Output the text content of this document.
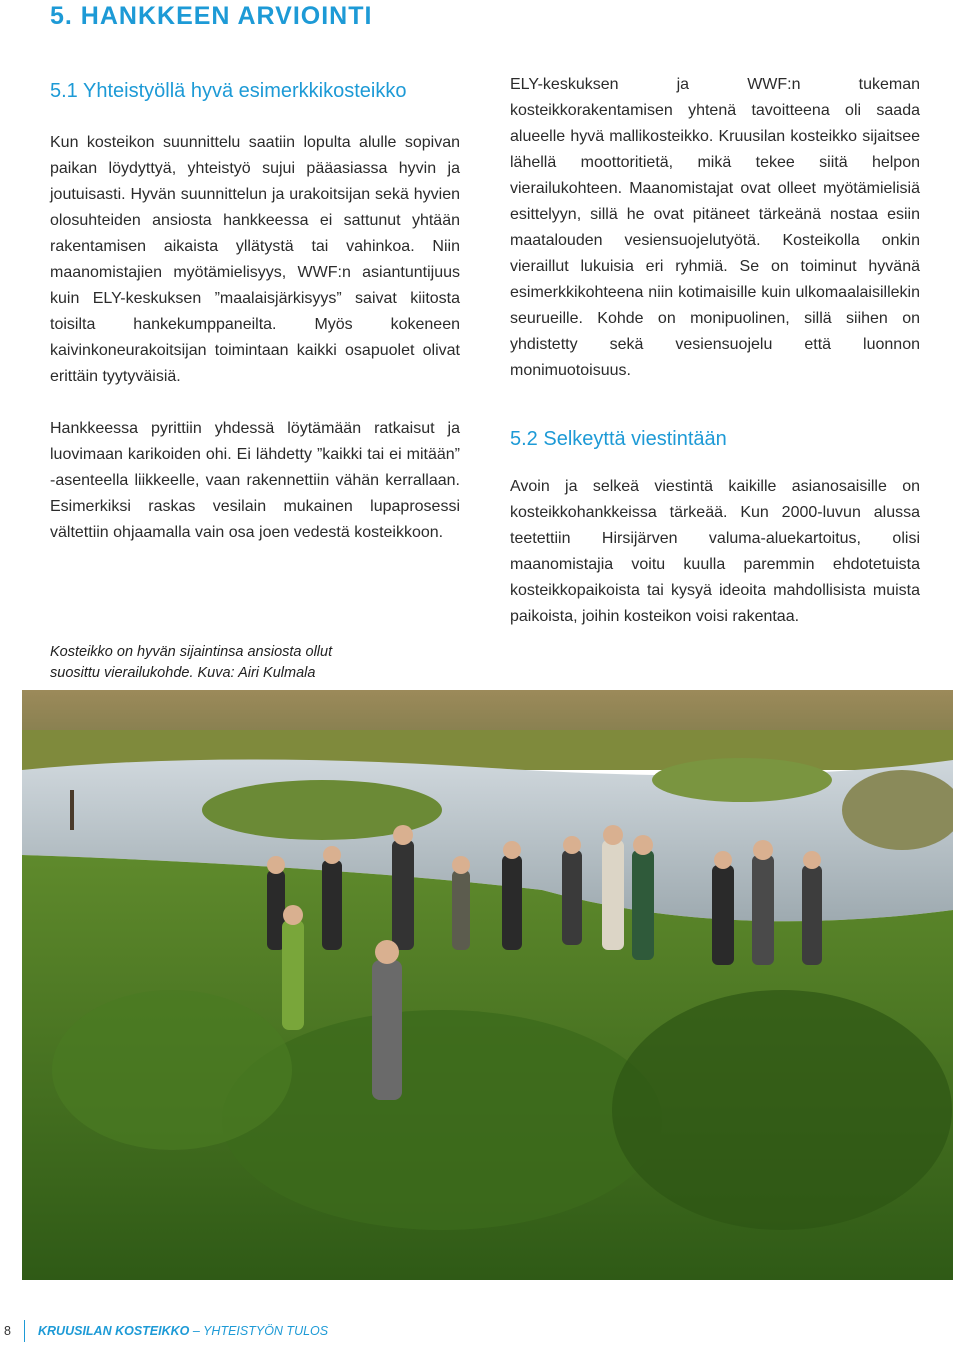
5. HANKKEEN ARVIOINTI
5.1 Yhteistyöllä hyvä esimerkkikosteikko

Kun kosteikon suunnittelu saatiin lopulta alulle sopivan paikan löydyttyä, yhteistyö sujui pääasiassa hyvin ja joutuisasti. Hyvän suunnittelun ja urakoitsijan sekä hyvien olosuhteiden ansiosta hankkeessa ei sattunut yhtään rakentamisen aikaista yllätystä tai vahinkoa. Niin maanomistajien myötämielisyys, WWF:n asiantuntijuus kuin ELY-keskuksen ”maalaisjärkisyys” saivat kiitosta toisilta hankekumppaneilta. Myös kokeneen kaivinkoneurakoitsijan toimintaan kaikki osapuolet olivat erittäin tyytyväisiä.

Hankkeessa pyrittiin yhdessä löytämään ratkaisut ja luovimaan karikoiden ohi. Ei lähdetty ”kaikki tai ei mitään” -asenteella liikkeelle, vaan rakennettiin vähän kerrallaan. Esimerkiksi raskas vesilain mukainen lupaprosessi vältettiin ohjaamalla vain osa joen vedestä kosteikkoon.

ELY-keskuksen ja WWF:n tukeman kosteikkorakentamisen yhtenä tavoitteena oli saada alueelle hyvä mallikosteikko. Kruusilan kosteikko sijaitsee lähellä moottoritietä, mikä tekee siitä helpon vierailukohteen. Maanomistajat ovat olleet myötämielisiä esittelyyn, sillä he ovat pitäneet tärkeänä nostaa esiin maatalouden vesiensuojelutyötä. Kosteikolla onkin vieraillut lukuisia eri ryhmiä. Se on toiminut hyvänä esimerkkikohteena niin kotimaisille kuin ulkomaalaisillekin seurueille. Kohde on monipuolinen, sillä siihen on yhdistetty sekä vesiensuojelu että luonnon monimuotoisuus.

5.2 Selkeyttä viestintään

Avoin ja selkeä viestintä kaikille asianosaisille on kosteikkohankkeissa tärkeää. Kun 2000-luvun alussa teetettiin Hirsijärven valuma-aluekartoitus, olisi maanomistajia voitu kuulla paremmin ehdotetuista kosteikkopaikoista tai kysyä ideoita mahdollisista muista paikoista, joihin kosteikon voisi rakentaa.

Kosteikko on hyvän sijaintinsa ansiosta ollut suosittu vierailukohde. Kuva: Airi Kulmala
8 KRUUSILAN KOSTEIKKO – YHTEISTYÖN TULOS
